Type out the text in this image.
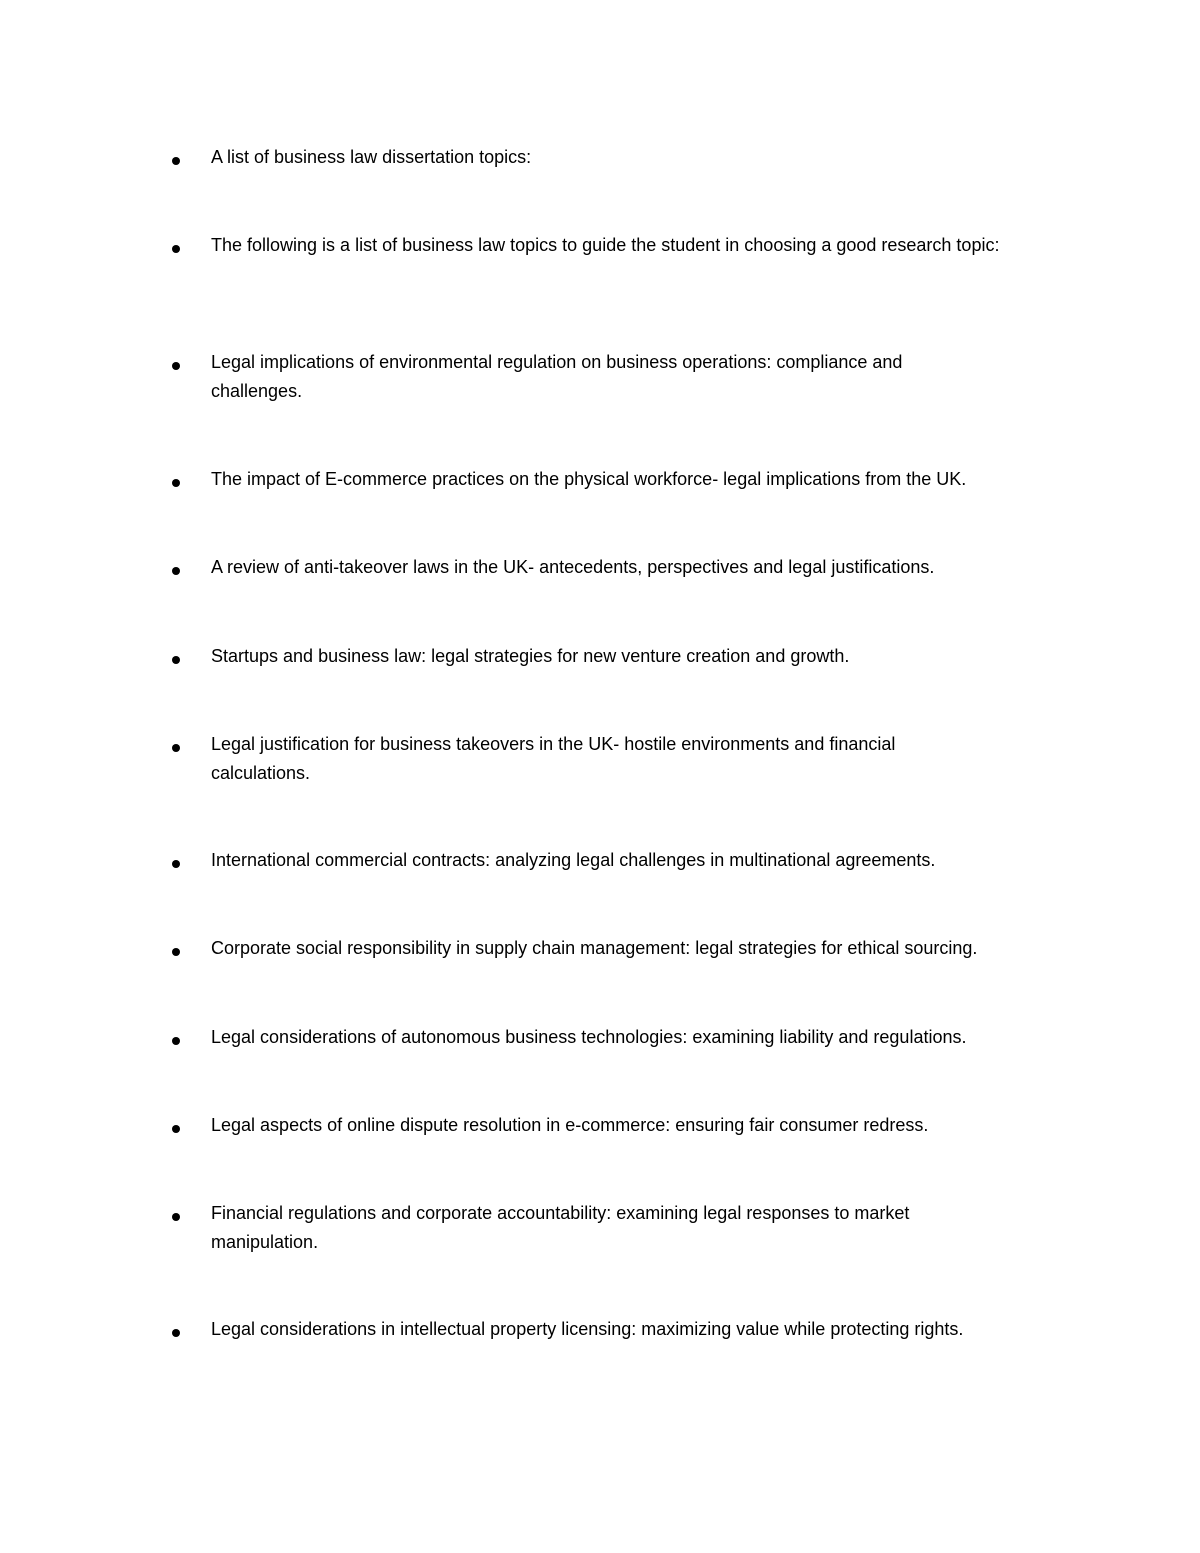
A list of business law dissertation topics:
The following is a list of business law topics to guide the student in choosing a good research topic:
Legal implications of environmental regulation on business operations: compliance and challenges.
The impact of E-commerce practices on the physical workforce- legal implications from the UK.
A review of anti-takeover laws in the UK- antecedents, perspectives and legal justifications.
Startups and business law: legal strategies for new venture creation and growth.
Legal justification for business takeovers in the UK- hostile environments and financial calculations.
International commercial contracts: analyzing legal challenges in multinational agreements.
Corporate social responsibility in supply chain management: legal strategies for ethical sourcing.
Legal considerations of autonomous business technologies: examining liability and regulations.
Legal aspects of online dispute resolution in e-commerce: ensuring fair consumer redress.
Financial regulations and corporate accountability: examining legal responses to market manipulation.
Legal considerations in intellectual property licensing: maximizing value while protecting rights.
